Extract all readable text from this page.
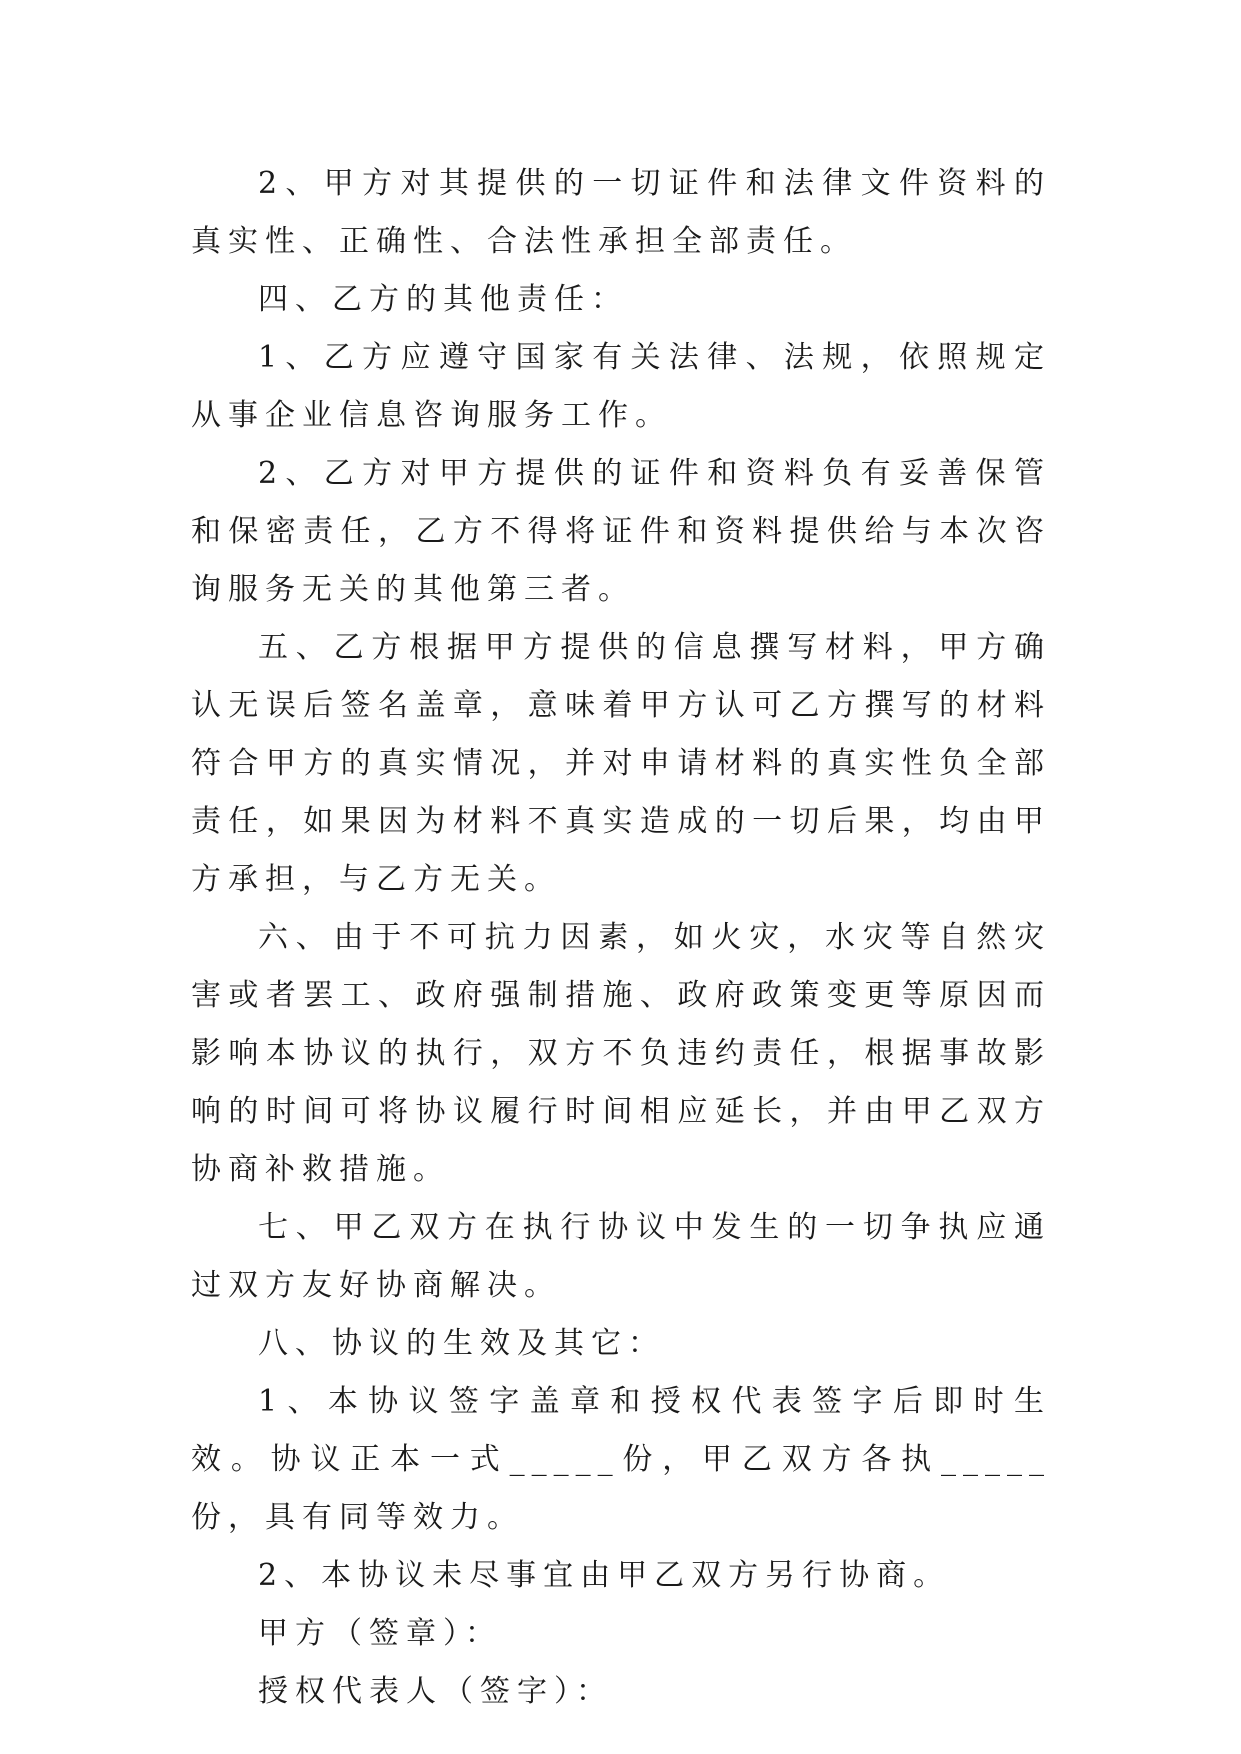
2、甲方对其提供的一切证件和法律文件资料的真实性、正确性、合法性承担全部责任。

四、乙方的其他责任：

1、乙方应遵守国家有关法律、法规，依照规定从事企业信息咨询服务工作。

2、乙方对甲方提供的证件和资料负有妥善保管和保密责任，乙方不得将证件和资料提供给与本次咨询服务无关的其他第三者。

五、乙方根据甲方提供的信息撰写材料，甲方确认无误后签名盖章，意味着甲方认可乙方撰写的材料符合甲方的真实情况，并对申请材料的真实性负全部责任，如果因为材料不真实造成的一切后果，均由甲方承担，与乙方无关。

六、由于不可抗力因素，如火灾，水灾等自然灾害或者罢工、政府强制措施、政府政策变更等原因而影响本协议的执行，双方不负违约责任，根据事故影响的时间可将协议履行时间相应延长，并由甲乙双方协商补救措施。

七、甲乙双方在执行协议中发生的一切争执应通过双方友好协商解决。

八、协议的生效及其它：

1、本协议签字盖章和授权代表签字后即时生效。协议正本一式_____份，甲乙双方各执_____份，具有同等效力。

2、本协议未尽事宜由甲乙双方另行协商。

甲方（签章）：

授权代表人（签字）：
